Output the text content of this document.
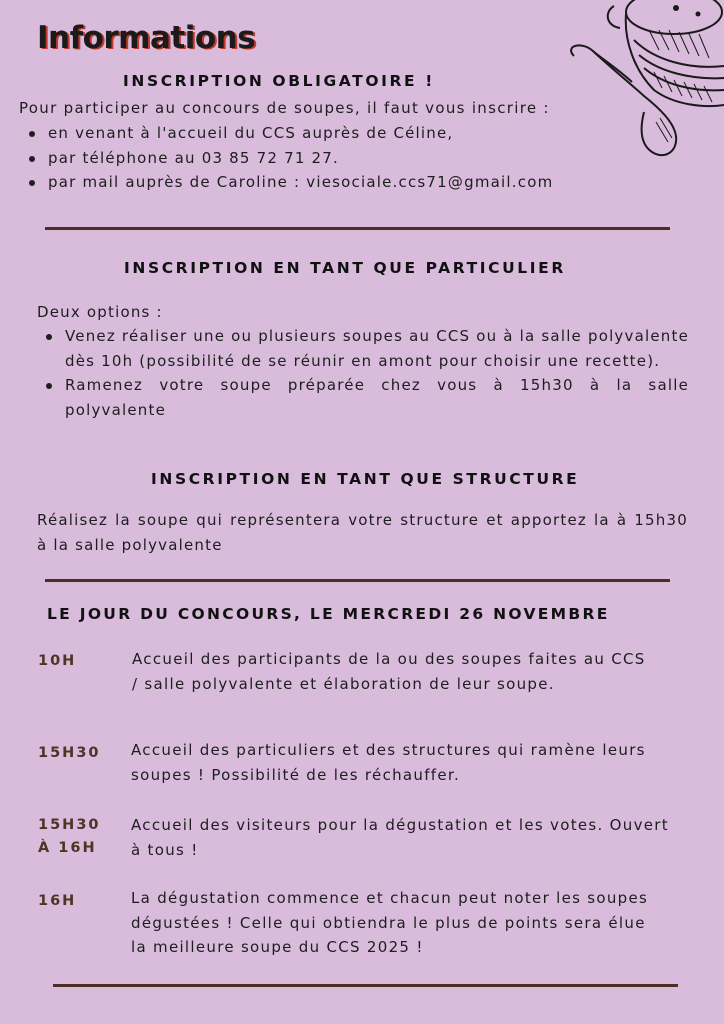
Informations
INSCRIPTION OBLIGATOIRE !
Pour participer au concours de soupes, il faut vous inscrire :
en venant à l'accueil du CCS auprès de Céline,
par téléphone au 03 85 72 71 27.
par mail auprès de Caroline : viesociale.ccs71@gmail.com
INSCRIPTION EN TANT QUE PARTICULIER
Deux options :
Venez réaliser une ou plusieurs soupes au CCS ou à la salle polyvalente dès 10h (possibilité de se réunir en amont pour choisir une recette).
Ramenez votre soupe préparée chez vous à 15h30 à la salle polyvalente
INSCRIPTION EN TANT QUE STRUCTURE
Réalisez la soupe qui représentera votre structure et apportez la à 15h30 à la salle polyvalente
LE JOUR DU CONCOURS, LE MERCREDI 26 NOVEMBRE
10H	Accueil des participants de la ou des soupes faites au CCS / salle polyvalente et élaboration de leur soupe.
15H30 Accueil des particuliers et des structures qui ramène leurs soupes ! Possibilité de les réchauffer.
15H30
À 16H
Accueil des visiteurs pour la dégustation et les votes. Ouvert à tous !
16H	La dégustation commence et chacun peut noter les soupes dégustées ! Celle qui obtiendra le plus de points sera élue la meilleure soupe du CCS 2025 !
